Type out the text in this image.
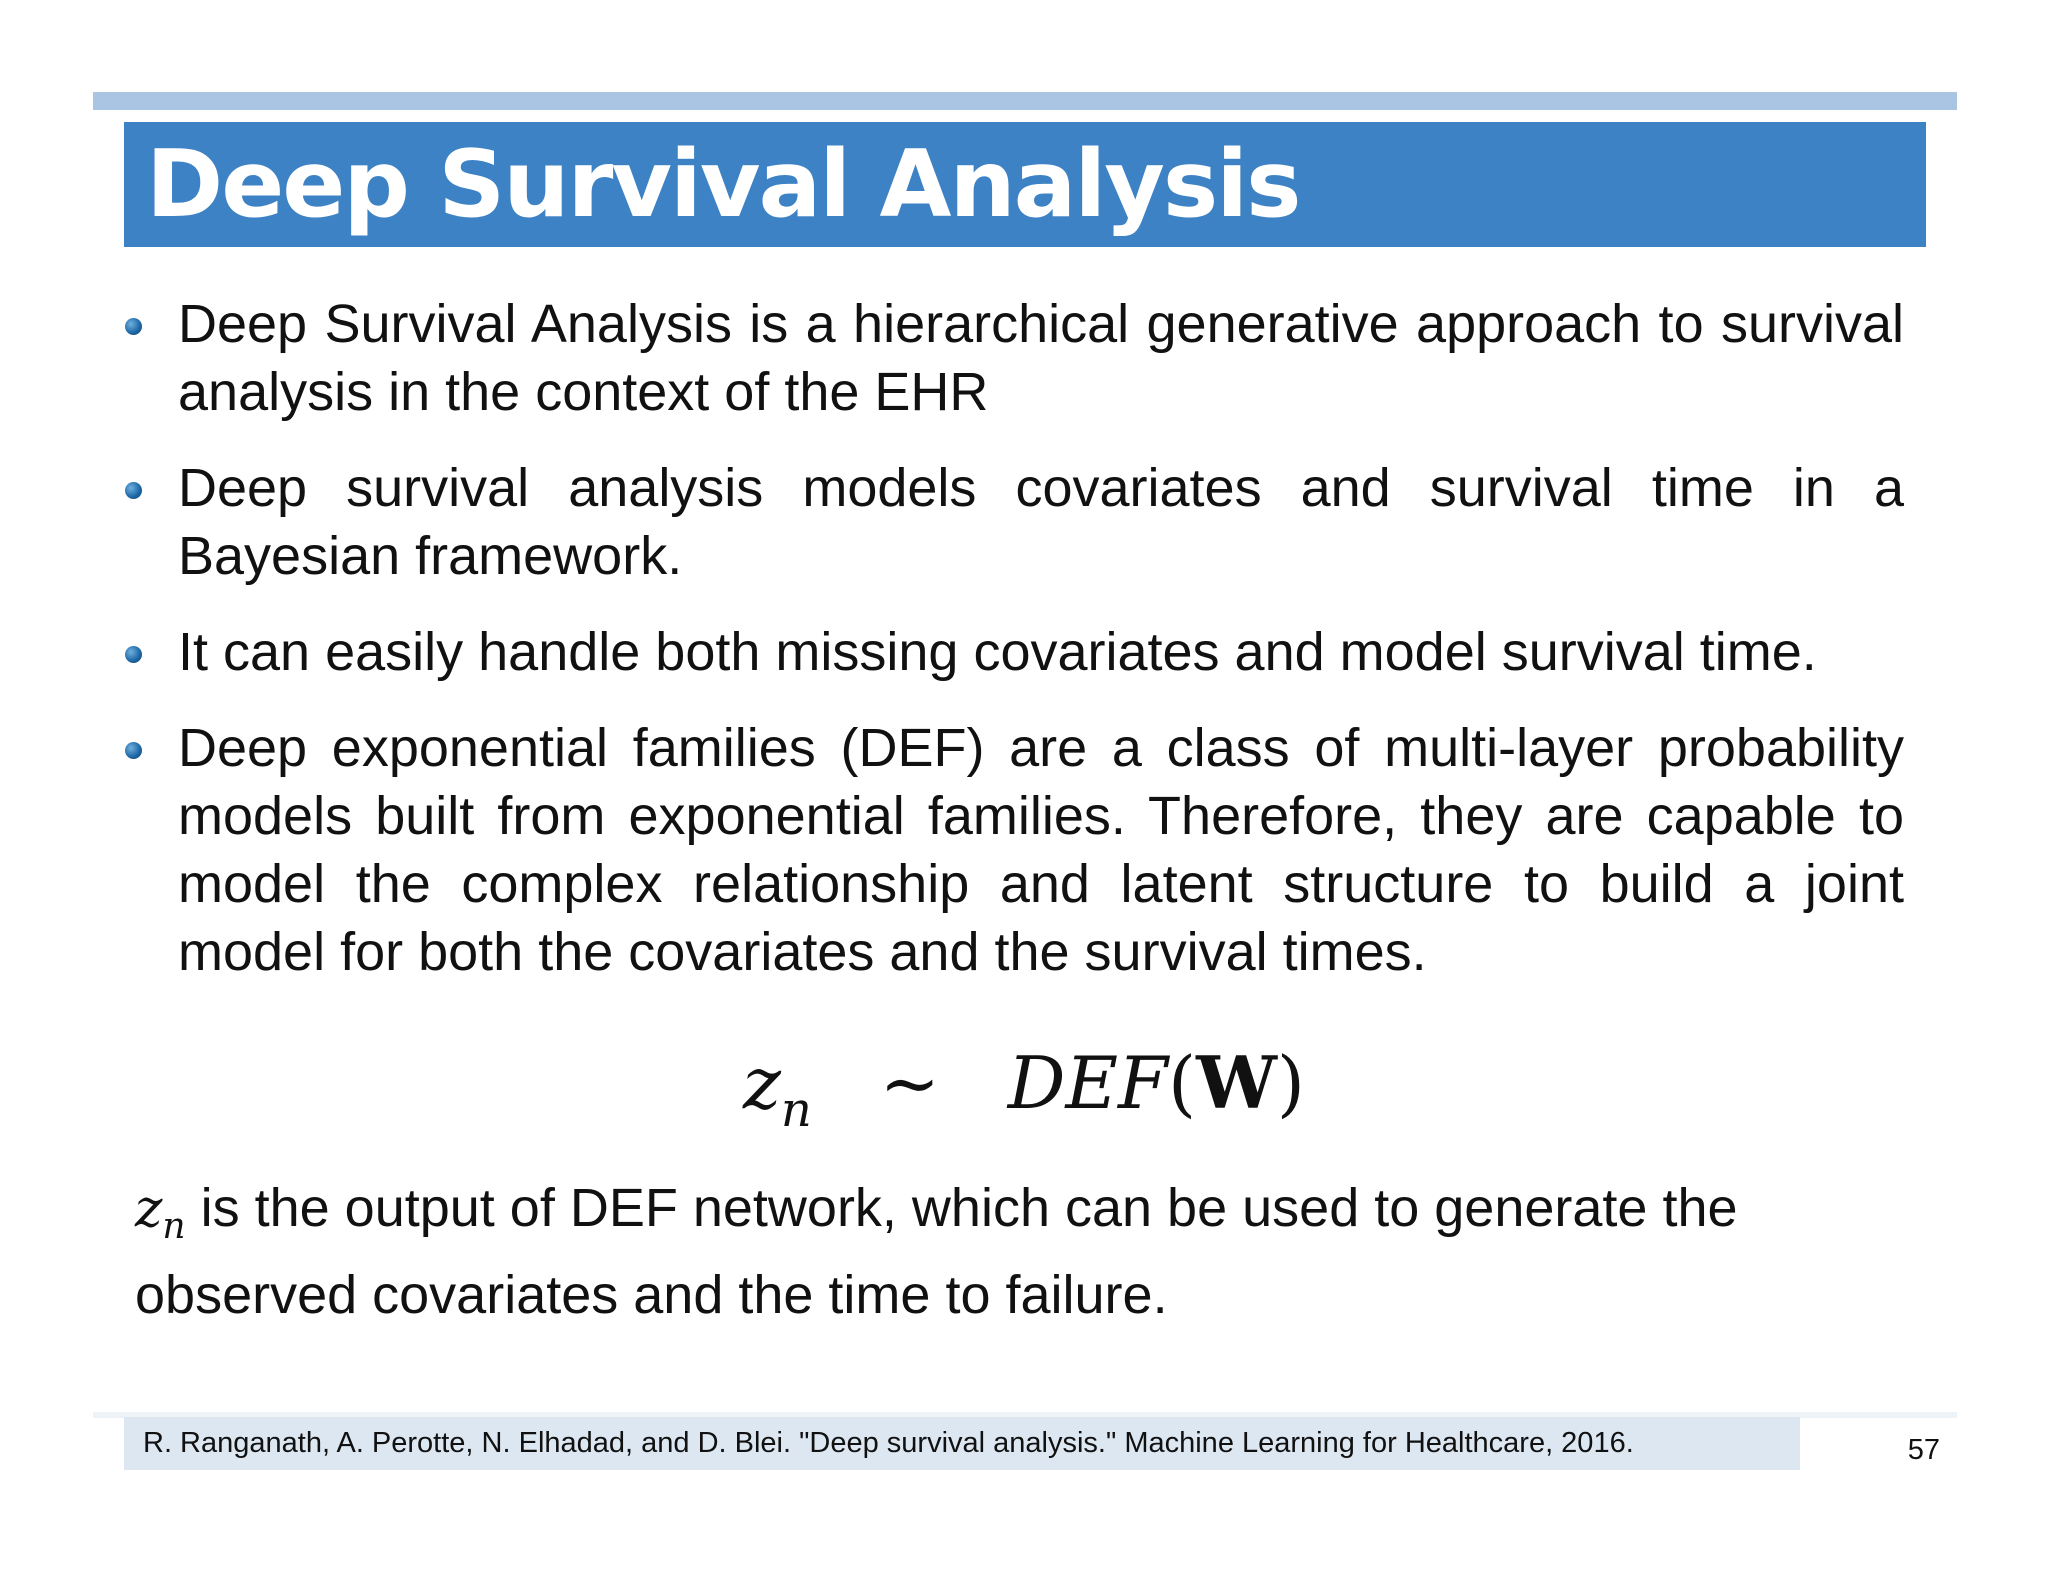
Deep Survival Analysis
Deep Survival Analysis is a hierarchical generative approach to survival analysis in the context of the EHR
Deep survival analysis models covariates and survival time in a Bayesian framework.
It can easily handle both missing covariates and model survival time.
Deep exponential families (DEF) are a class of multi-layer probability models built from exponential families. Therefore, they are capable to model the complex relationship and latent structure to build a joint model for both the covariates and the survival times.
$z_n$ ∼ DEF(W)
$z_n$ is the output of DEF network, which can be used to generate the
observed covariates and the time to failure.
R. Ranganath, A. Perotte, N. Elhadad, and D. Blei. "Deep survival analysis." Machine Learning for Healthcare, 2016.	57
